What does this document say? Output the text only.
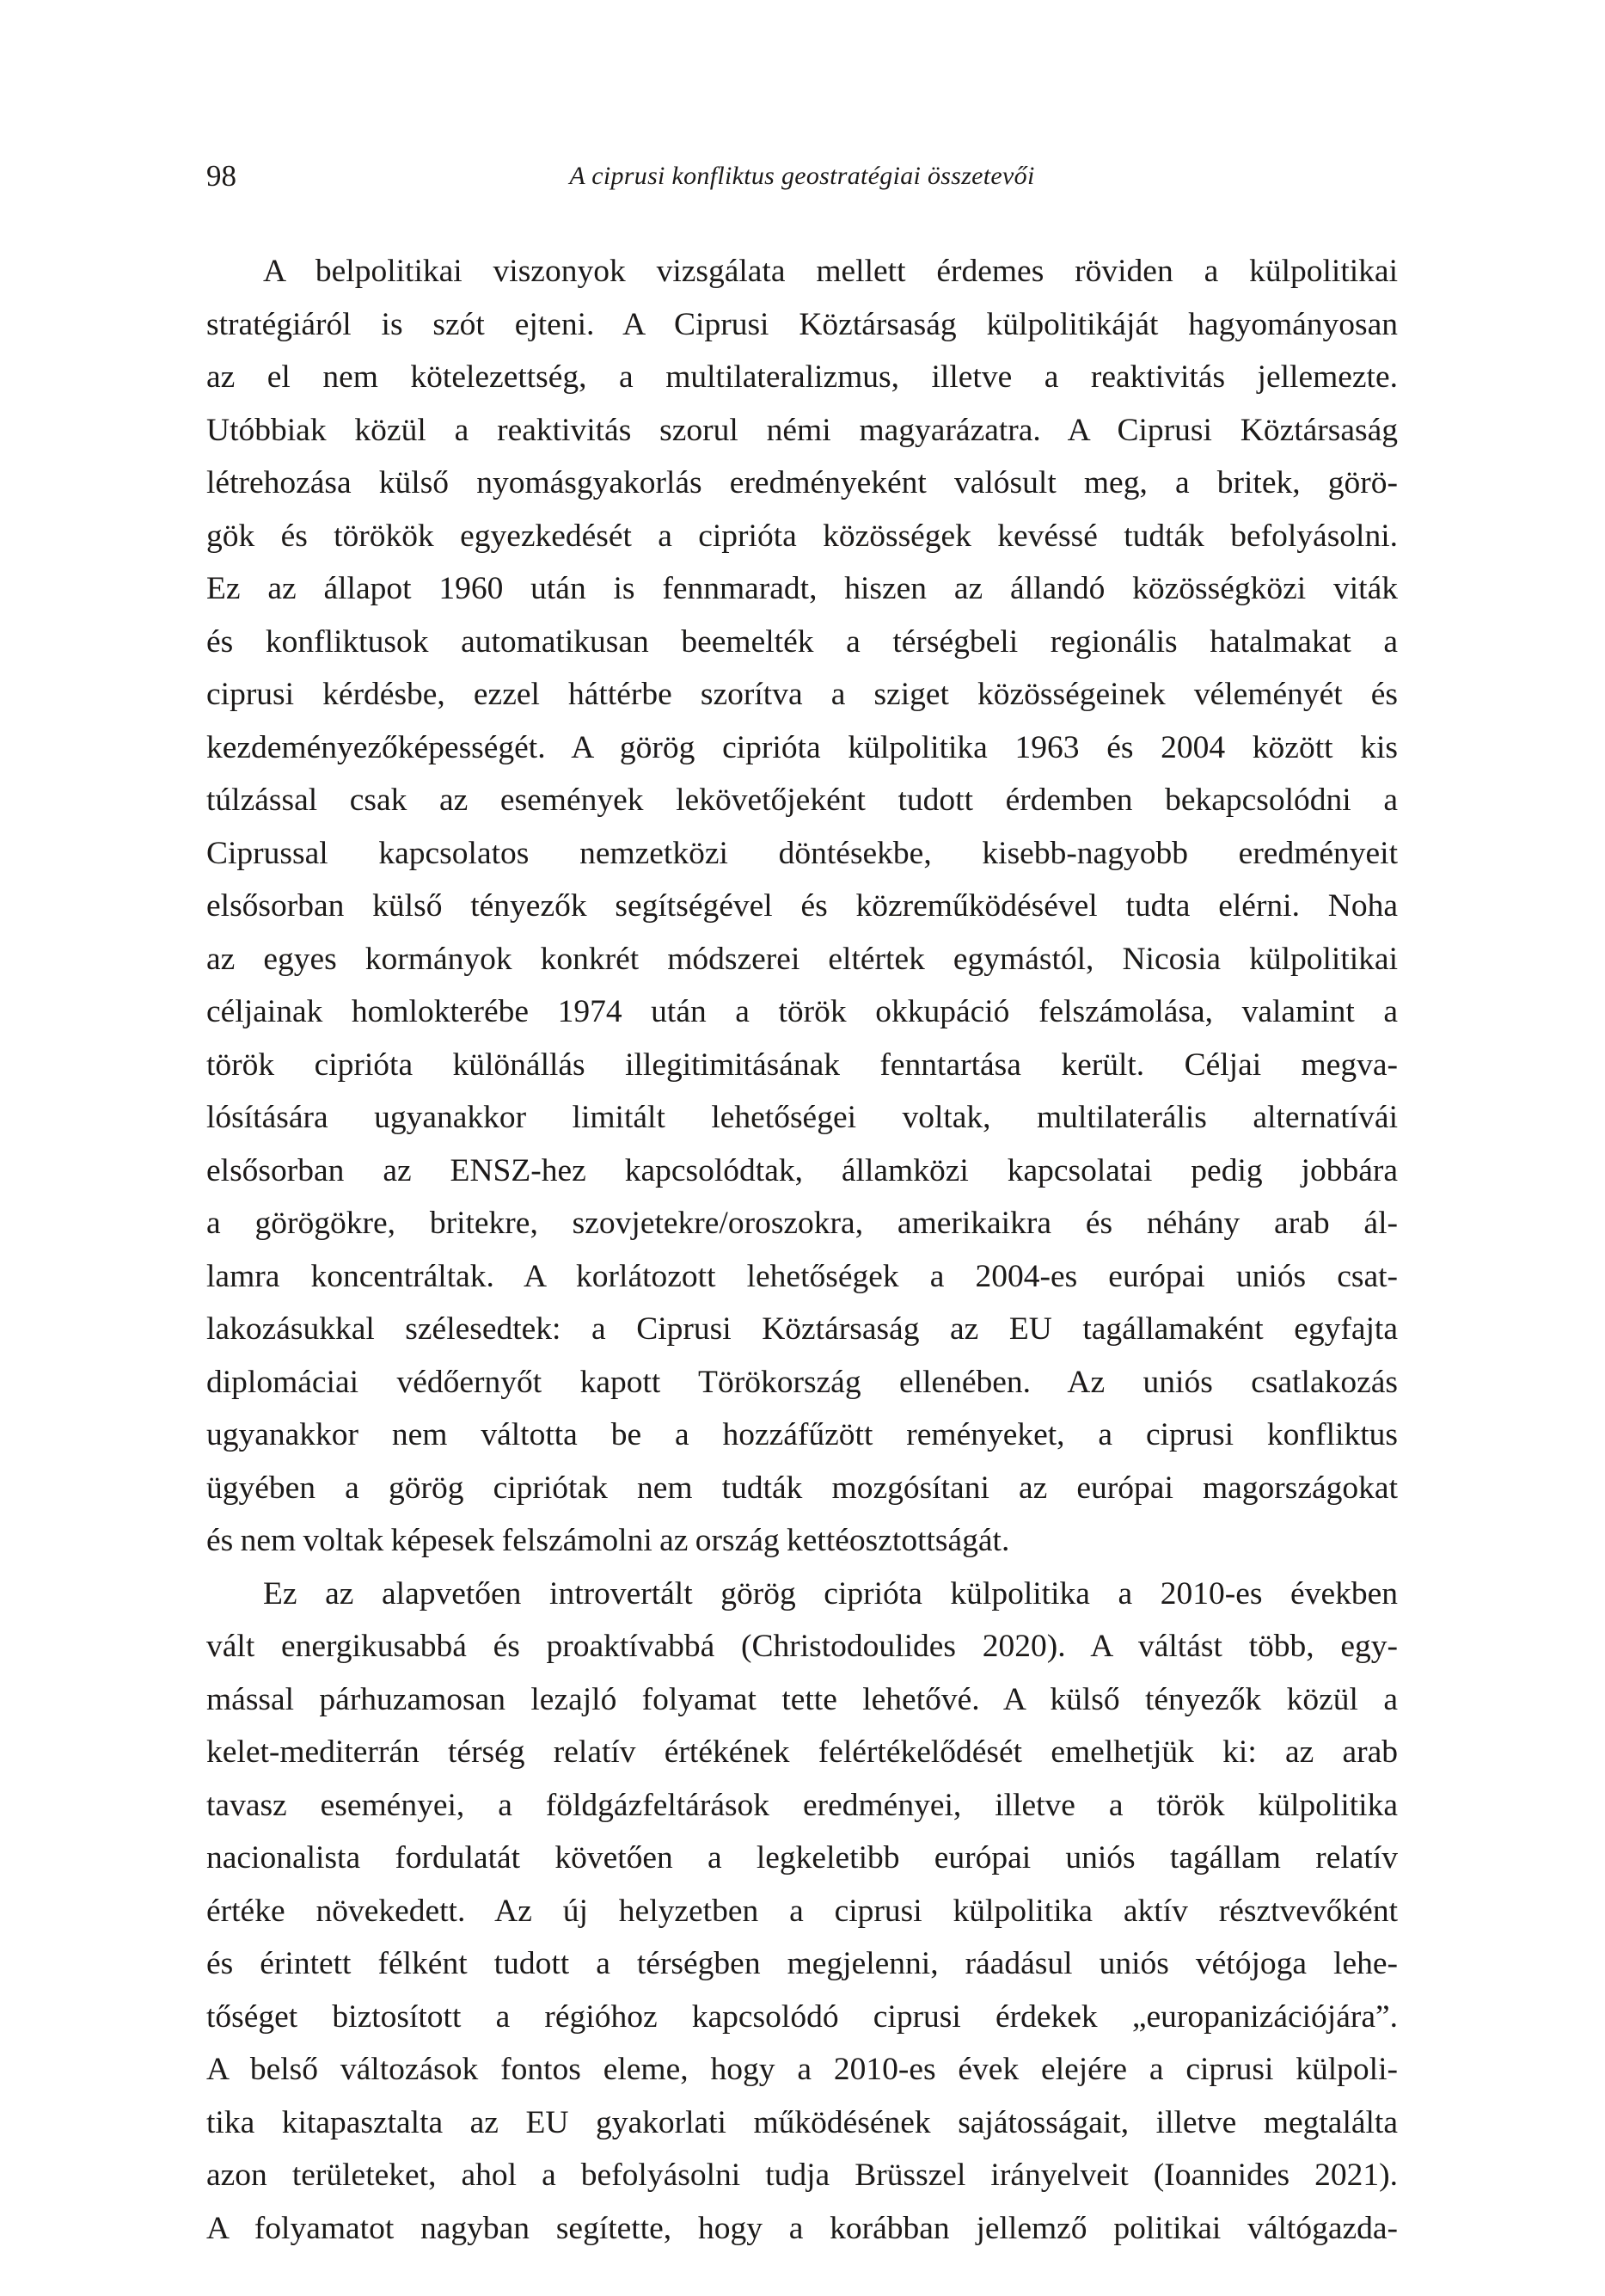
98	A ciprusi konfliktus geostratégiai összetevői
A belpolitikai viszonyok vizsgálata mellett érdemes röviden a külpolitikai
stratégiáról is szót ejteni. A Ciprusi Köztársaság külpolitikáját hagyományosan
az el nem kötelezettség, a multilateralizmus, illetve a reaktivitás jellemezte.
Utóbbiak közül a reaktivitás szorul némi magyarázatra. A Ciprusi Köztársaság
létrehozása külső nyomásgyakorlás eredményeként valósult meg, a britek, görö-
gök és törökök egyezkedését a ciprióta közösségek kevéssé tudták befolyásolni.
Ez az állapot 1960 után is fennmaradt, hiszen az állandó közösségközi viták
és konfliktusok automatikusan beemelték a térségbeli regionális hatalmakat a
ciprusi kérdésbe, ezzel háttérbe szorítva a sziget közösségeinek véleményét és
kezdeményezőképességét. A görög ciprióta külpolitika 1963 és 2004 között kis
túlzással csak az események lekövetőjeként tudott érdemben bekapcsolódni a
Ciprussal kapcsolatos nemzetközi döntésekbe, kisebb-nagyobb eredményeit
elsősorban külső tényezők segítségével és közreműködésével tudta elérni. Noha
az egyes kormányok konkrét módszerei eltértek egymástól, Nicosia külpolitikai
céljainak homlokterébe 1974 után a török okkupáció felszámolása, valamint a
török ciprióta különállás illegitimitásának fenntartása került. Céljai megva-
lósítására ugyanakkor limitált lehetőségei voltak, multilaterális alternatívái
elsősorban az ENSZ-hez kapcsolódtak, államközi kapcsolatai pedig jobbára
a görögökre, britekre, szovjetekre/oroszokra, amerikaikra és néhány arab ál-
lamra koncentráltak. A korlátozott lehetőségek a 2004-es európai uniós csat-
lakozásukkal szélesedtek: a Ciprusi Köztársaság az EU tagállamaként egyfajta
diplomáciai védőernyőt kapott Törökország ellenében. Az uniós csatlakozás
ugyanakkor nem váltotta be a hozzáfűzött reményeket, a ciprusi konfliktus
ügyében a görög cipriótak nem tudták mozgósítani az európai magországokat
és nem voltak képesek felszámolni az ország kettéosztottságát.
Ez az alapvetően introvertált görög ciprióta külpolitika a 2010-es években
vált energikusabbá és proaktívabbá (Christodoulides 2020). A váltást több, egy-
mással párhuzamosan lezajló folyamat tette lehetővé. A külső tényezők közül a
kelet-mediterrán térség relatív értékének felértékelődését emelhetjük ki: az arab
tavasz eseményei, a földgázfeltárások eredményei, illetve a török külpolitika
nacionalista fordulatát követően a legkeletibb európai uniós tagállam relatív
értéke növekedett. Az új helyzetben a ciprusi külpolitika aktív résztvevőként
és érintett félként tudott a térségben megjelenni, ráadásul uniós vétójoga lehe-
tőséget biztosított a régióhoz kapcsolódó ciprusi érdekek „europanizációjára”.
A belső változások fontos eleme, hogy a 2010-es évek elejére a ciprusi külpoli-
tika kitapasztalta az EU gyakorlati működésének sajátosságait, illetve megtalálta
azon területeket, ahol a befolyásolni tudja Brüsszel irányelveit (Ioannides 2021).
A folyamatot nagyban segítette, hogy a korábban jellemző politikai váltógazda-
